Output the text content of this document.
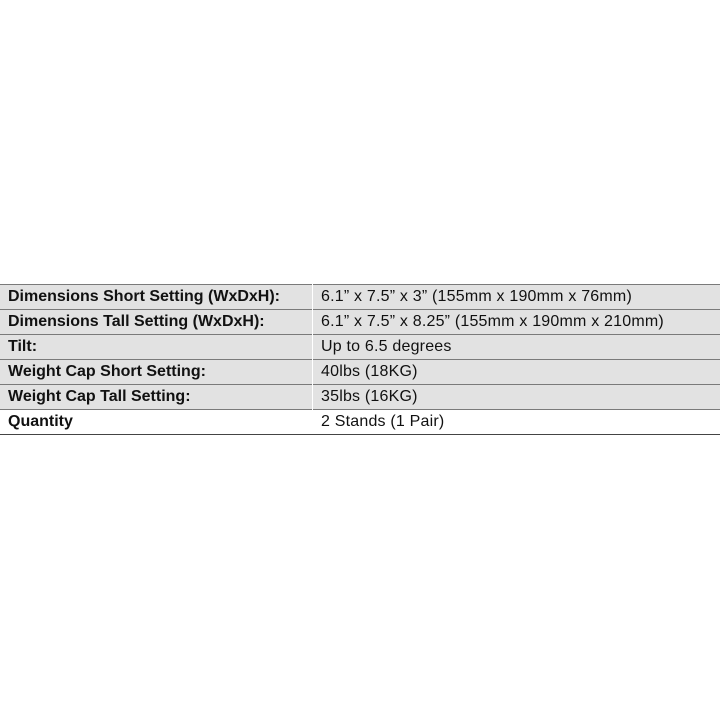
Dimensions Short Setting (WxDxH):	6.1” x 7.5” x 3” (155mm x 190mm x 76mm)
Dimensions Tall Setting (WxDxH):	6.1” x 7.5” x 8.25” (155mm x 190mm x 210mm)
Tilt:	Up to 6.5 degrees
Weight Cap Short Setting:	40lbs (18KG)
Weight Cap Tall Setting:	35lbs (16KG)
Quantity	2 Stands (1 Pair)
